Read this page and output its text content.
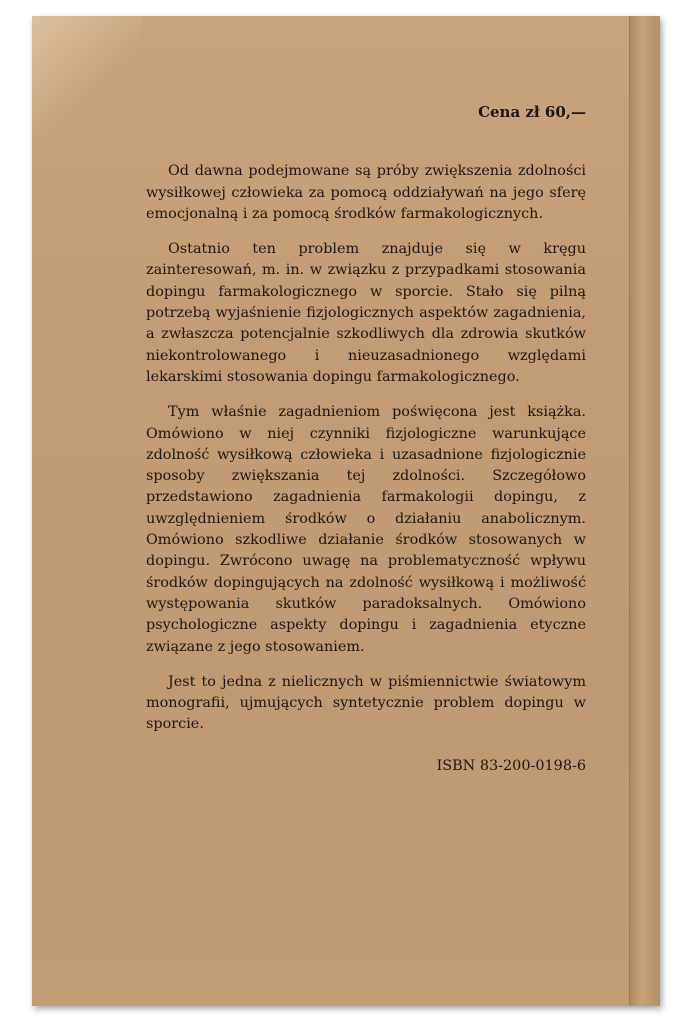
Cena zł 60,—

Od dawna podejmowane są próby zwiększenia zdolności wysiłkowej człowieka za pomocą oddziaływań na jego sferę emocjonalną i za pomocą środków farmakologicznych.

Ostatnio ten problem znajduje się w kręgu zainteresowań, m. in. w związku z przypadkami stosowania dopingu farmakologicznego w sporcie. Stało się pilną potrzebą wyjaśnienie fizjologicznych aspektów zagadnienia, a zwłaszcza potencjalnie szkodliwych dla zdrowia skutków niekontrolowanego i nieuzasadnionego względami lekarskimi stosowania dopingu farmakologicznego.

Tym właśnie zagadnieniom poświęcona jest książka. Omówiono w niej czynniki fizjologiczne warunkujące zdolność wysiłkową człowieka i uzasadnione fizjologicznie sposoby zwiększania tej zdolności. Szczegółowo przedstawiono zagadnienia farmakologii dopingu, z uwzględnieniem środków o działaniu anabolicznym. Omówiono szkodliwe działanie środków stosowanych w dopingu. Zwrócono uwagę na problematyczność wpływu środków dopingujących na zdolność wysiłkową i możliwość występowania skutków paradoksalnych. Omówiono psychologiczne aspekty dopingu i zagadnienia etyczne związane z jego stosowaniem.

Jest to jedna z nielicznych w piśmiennictwie światowym monografii, ujmujących syntetycznie problem dopingu w sporcie.

ISBN 83-200-0198-6
